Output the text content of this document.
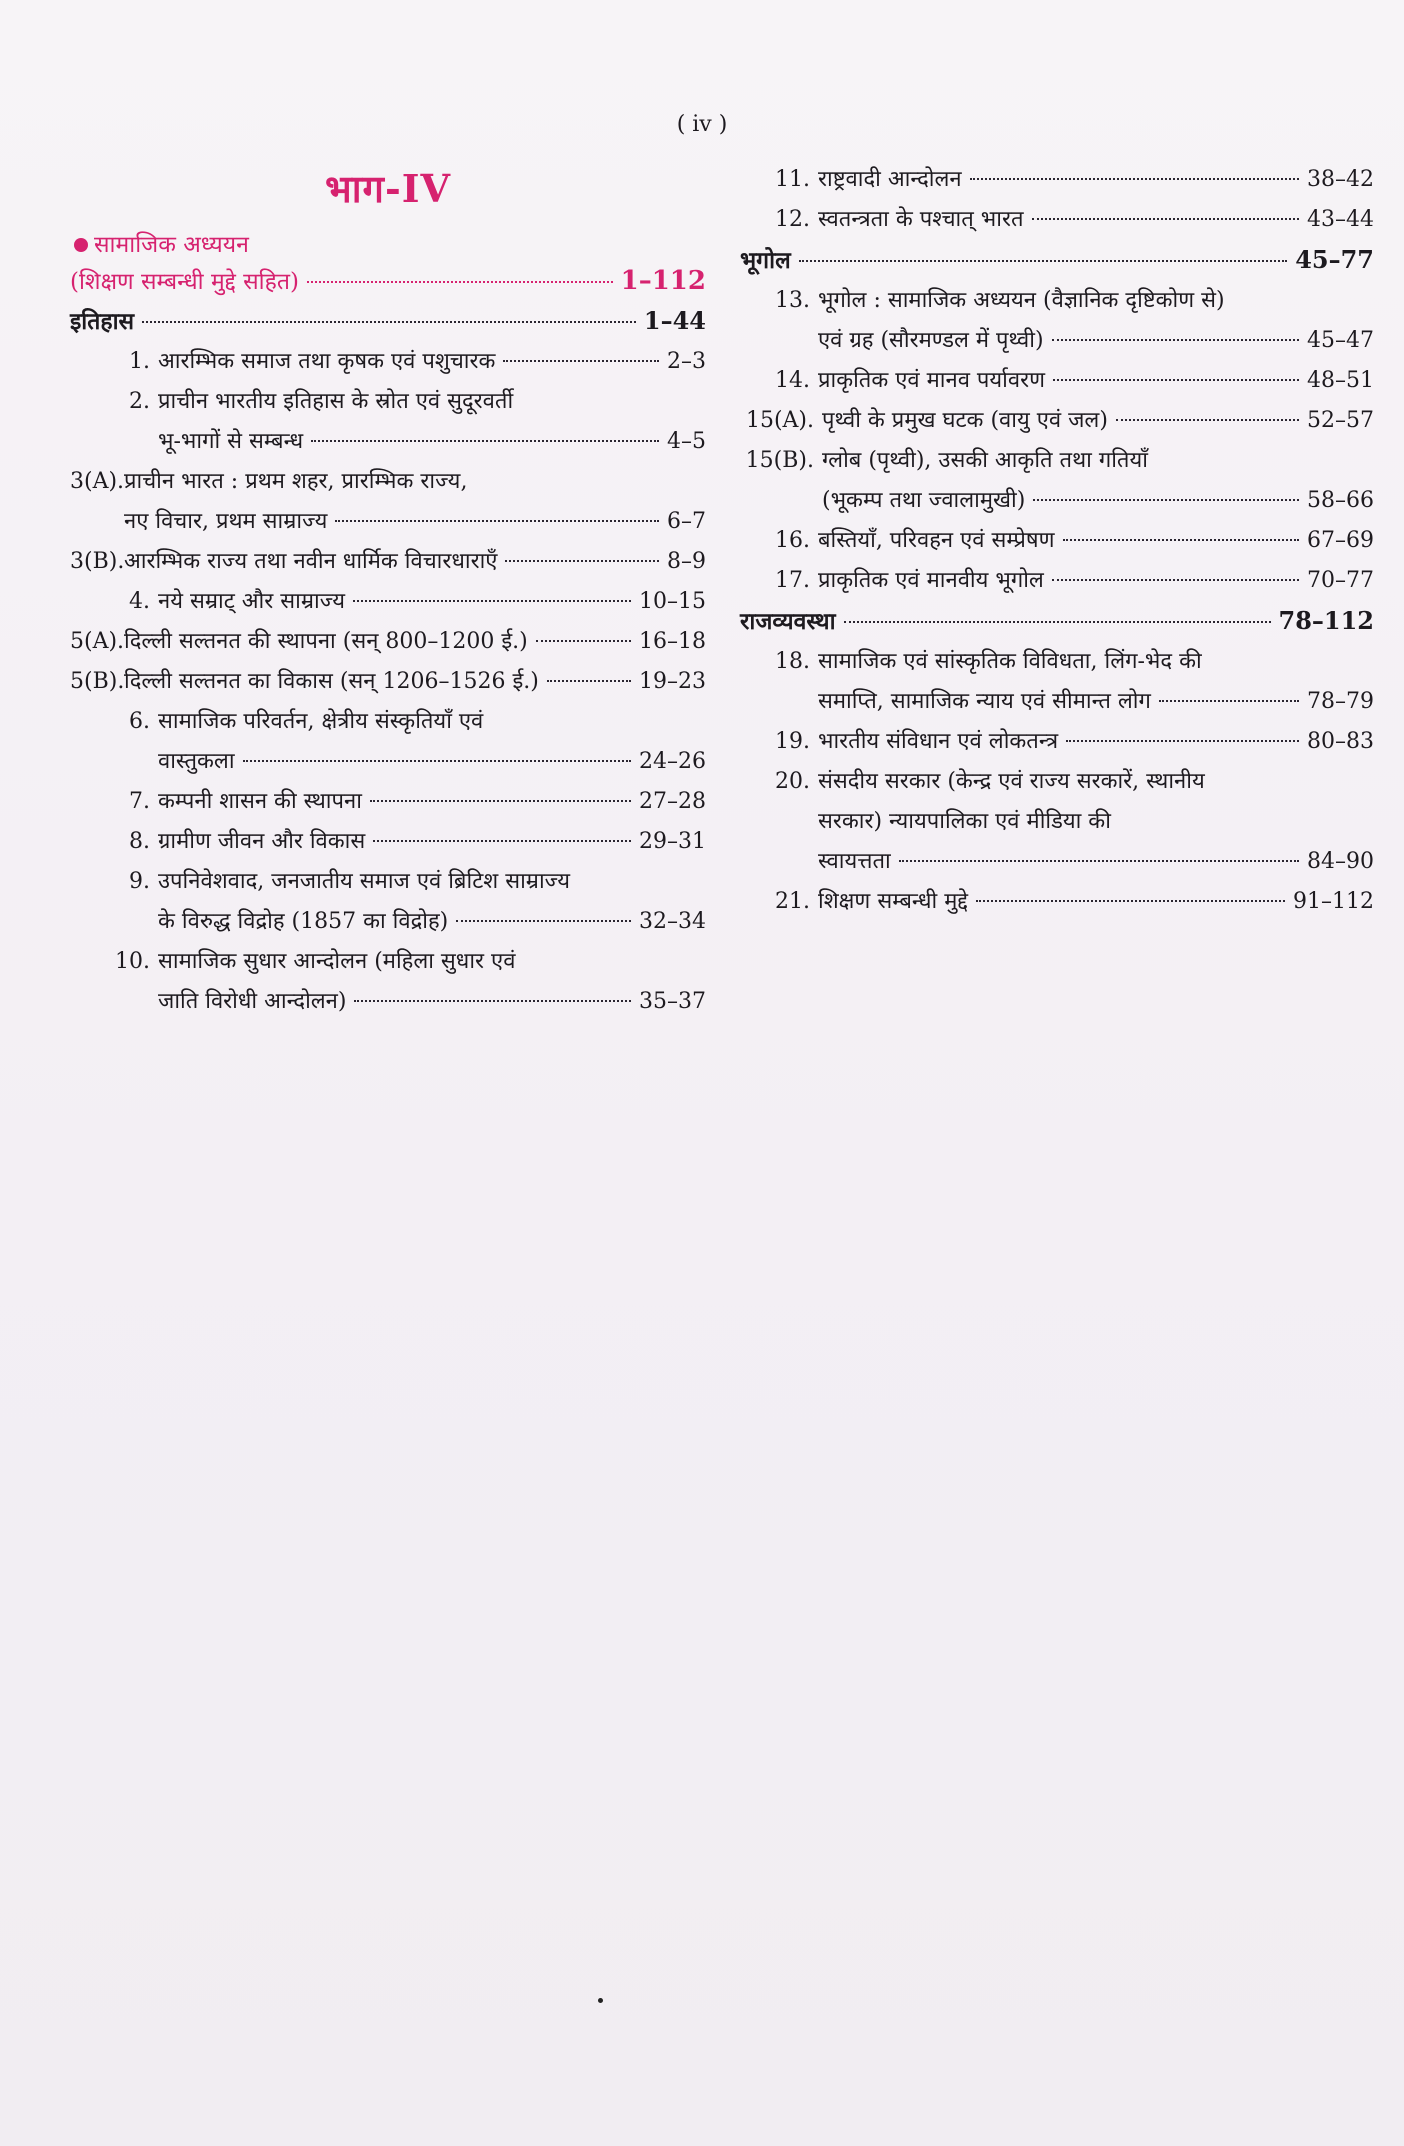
( iv )
भाग-IV
सामाजिक अध्ययन
(शिक्षण सम्बन्धी मुद्दे सहित)	1–112
इतिहास	1–44
1. आरम्भिक समाज तथा कृषक एवं पशुचारक	2–3
2. प्राचीन भारतीय इतिहास के स्रोत एवं सुदूरवर्ती
भू-भागों से सम्बन्ध	4–5
3(A). प्राचीन भारत : प्रथम शहर, प्रारम्भिक राज्य,
नए विचार, प्रथम साम्राज्य	6–7
3(B). आरम्भिक राज्य तथा नवीन धार्मिक विचारधाराएँ	8–9
4. नये सम्राट् और साम्राज्य	10–15
5(A). दिल्ली सल्तनत की स्थापना (सन् 800–1200 ई.)	16–18
5(B). दिल्ली सल्तनत का विकास (सन् 1206–1526 ई.)	19–23
6. सामाजिक परिवर्तन, क्षेत्रीय संस्कृतियाँ एवं
वास्तुकला	24–26
7. कम्पनी शासन की स्थापना	27–28
8. ग्रामीण जीवन और विकास	29–31
9. उपनिवेशवाद, जनजातीय समाज एवं ब्रिटिश साम्राज्य
के विरुद्ध विद्रोह (1857 का विद्रोह)	32–34
10. सामाजिक सुधार आन्दोलन (महिला सुधार एवं
जाति विरोधी आन्दोलन)	35–37
11. राष्ट्रवादी आन्दोलन	38–42
12. स्वतन्त्रता के पश्चात् भारत	43–44
भूगोल	45–77
13. भूगोल : सामाजिक अध्ययन (वैज्ञानिक दृष्टिकोण से)
एवं ग्रह (सौरमण्डल में पृथ्वी)	45–47
14. प्राकृतिक एवं मानव पर्यावरण	48–51
15(A). पृथ्वी के प्रमुख घटक (वायु एवं जल)	52–57
15(B). ग्लोब (पृथ्वी), उसकी आकृति तथा गतियाँ
(भूकम्प तथा ज्वालामुखी)	58–66
16. बस्तियाँ, परिवहन एवं सम्प्रेषण	67–69
17. प्राकृतिक एवं मानवीय भूगोल	70–77
राजव्यवस्था	78–112
18. सामाजिक एवं सांस्कृतिक विविधता, लिंग-भेद की
समाप्ति, सामाजिक न्याय एवं सीमान्त लोग	78–79
19. भारतीय संविधान एवं लोकतन्त्र	80–83
20. संसदीय सरकार (केन्द्र एवं राज्य सरकारें, स्थानीय
सरकार) न्यायपालिका एवं मीडिया की
स्वायत्तता	84–90
21. शिक्षण सम्बन्धी मुद्दे	91–112
